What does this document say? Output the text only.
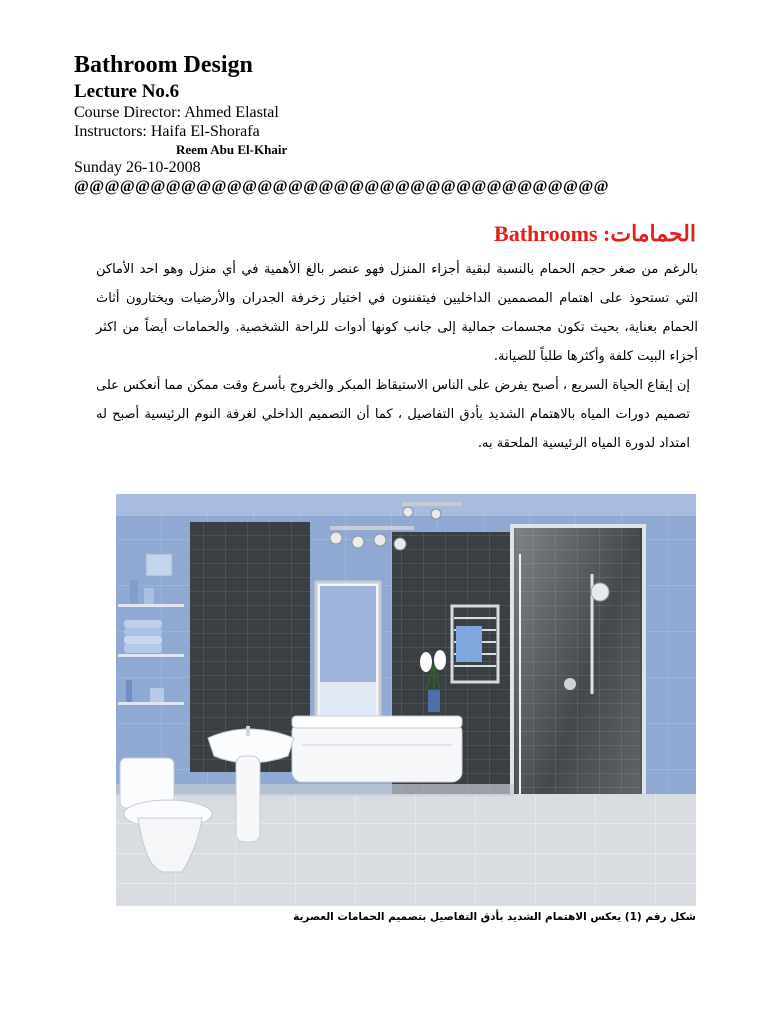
Bathroom Design
Lecture No.6
Course Director: Ahmed Elastal
Instructors: Haifa El-Shorafa
Reem Abu El-Khair
Sunday 26-10-2008
@@@@@@@@@@@@@@@@@@@@@@@@@@@@@@@@@@@
الحمامات: Bathrooms

بالرغم من صغر حجم الحمام بالنسبة لبقية أجزاء المنزل فهو عنصر بالغ الأهمية في أي منزل وهو احد الأماكن التي تستحوذ على اهتمام المصممين الداخليين فيتفننون في اختيار زخرفة الجدران والأرضيات ويختارون أثاث الحمام بعناية، بحيث تكون مجسمات جمالية إلى جانب كونها أدوات للراحة الشخصية. والحمامات أيضاً من اكثر أجزاء البيت كلفة وأكثرها طلباً للصيانة.

إن إيقاع الحياة السريع ، أصبح يفرض على الناس الاستيقاظ المبكر والخروج بأسرع وقت ممكن مما أنعكس على تصميم دورات المياه بالاهتمام الشديد بأدق التفاصيل ، كما أن التصميم الداخلي لغرفة النوم الرئيسية أصبح له امتداد لدورة المياه الرئيسية الملحقة به.

شكل رقم (1) يعكس الاهتمام الشديد بأدق التفاصيل بتصميم الحمامات العصرية
